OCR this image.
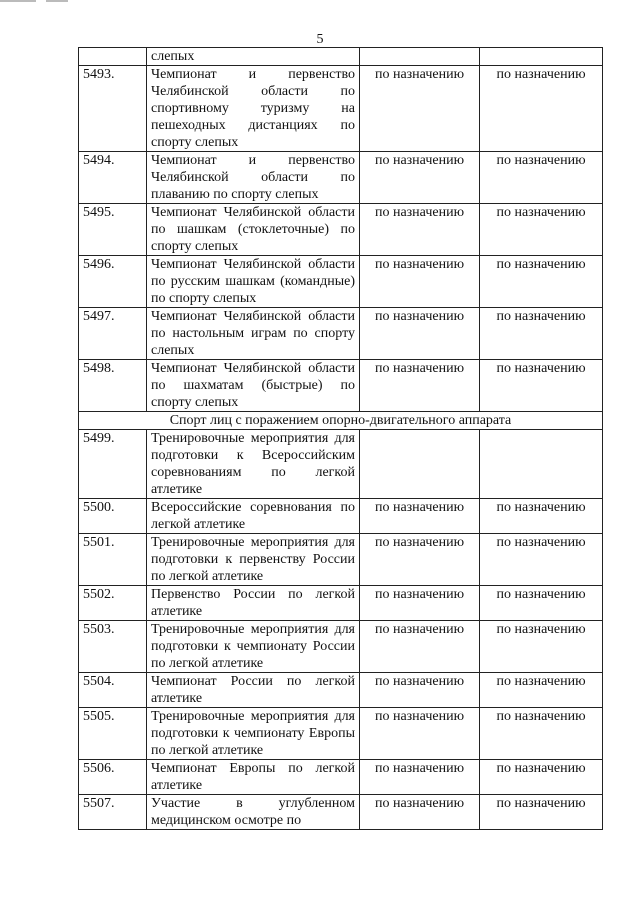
5
	слепых		
5493.	Чемпионат и первенство Челябинской области по спортивному туризму на пешеходных дистанциях по спорту слепых	по назначению	по назначению
5494.	Чемпионат и первенство Челябинской области по плаванию по спорту слепых	по назначению	по назначению
5495.	Чемпионат Челябинской области по шашкам (стоклеточные) по спорту слепых	по назначению	по назначению
5496.	Чемпионат Челябинской области по русским шашкам (командные) по спорту слепых	по назначению	по назначению
5497.	Чемпионат Челябинской области по настольным играм по спорту слепых	по назначению	по назначению
5498.	Чемпионат Челябинской области по шахматам (быстрые) по спорту слепых	по назначению	по назначению
Спорт лиц с поражением опорно-двигательного аппарата			
5499.	Тренировочные мероприятия для подготовки к Всероссийским соревнованиям по легкой атлетике		
5500.	Всероссийские соревнования по легкой атлетике	по назначению	по назначению
5501.	Тренировочные мероприятия для подготовки к первенству России по легкой атлетике	по назначению	по назначению
5502.	Первенство России по легкой атлетике	по назначению	по назначению
5503.	Тренировочные мероприятия для подготовки к чемпионату России по легкой атлетике	по назначению	по назначению
5504.	Чемпионат России по легкой атлетике	по назначению	по назначению
5505.	Тренировочные мероприятия для подготовки к чемпионату Европы по легкой атлетике	по назначению	по назначению
5506.	Чемпионат Европы по легкой атлетике	по назначению	по назначению
5507.	Участие в углубленном медицинском осмотре по	по назначению	по назначению
